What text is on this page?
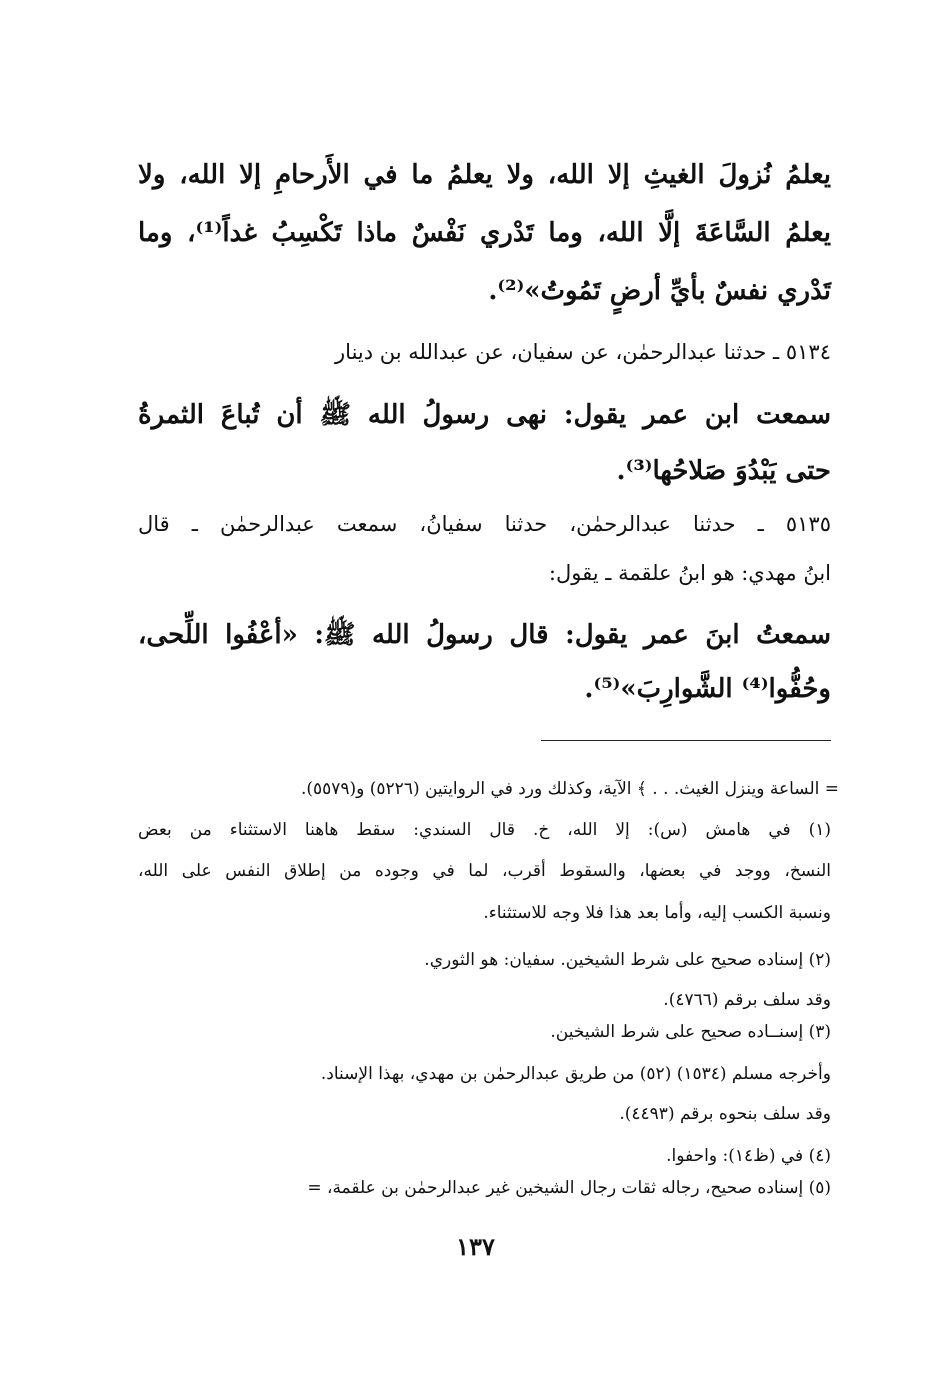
يعلمُ نُزولَ الغيثِ إلا الله، ولا يعلمُ ما في الأَرحامِ إلا الله، ولا
يعلمُ السَّاعَةَ إلَّا الله، وما تَدْري نَفْسٌ ماذا تَكْسِبُ غداً⁽¹⁾، وما
تَدْري نفسٌ بأيِّ أرضٍ تَمُوتُ»⁽²⁾.
٥١٣٤ ـ حدثنا عبدالرحمٰن، عن سفيان، عن عبدالله بن دينار
سمعت ابن عمر يقول: نهى رسولُ الله ﷺ أن تُباعَ الثمرةُ
حتى يَبْدُوَ صَلاحُها⁽³⁾.
٥١٣٥ ـ حدثنا عبدالرحمٰن، حدثنا سفيانُ، سمعت عبدالرحمٰن ـ قال
ابنُ مهدي: هو ابنُ علقمة ـ يقول:
سمعتُ ابنَ عمر يقول: قال رسولُ الله ﷺ: «أعْفُوا اللِّحى،
وحُفُّوا⁽⁴⁾ الشَّوارِبَ»⁽⁵⁾.
= الساعة وينزل الغيث. . . ﴾ الآية، وكذلك ورد في الروايتين (٥٢٢٦) و(٥٥٧٩).
(١) في هامش (س): إلا الله، خ. قال السندي: سقط هاهنا الاستثناء من بعض
النسخ، ووجد في بعضها، والسقوط أقرب، لما في وجوده من إطلاق النفس على الله،
ونسبة الكسب إليه، وأما بعد هذا فلا وجه للاستثناء.
(٢) إسناده صحيح على شرط الشيخين. سفيان: هو الثوري.
وقد سلف برقم (٤٧٦٦).
(٣) إسنــاده صحيح على شرط الشيخين.
وأخرجه مسلم (١٥٣٤) (٥٢) من طريق عبدالرحمٰن بن مهدي، بهذا الإسناد.
وقد سلف بنحوه برقم (٤٤٩٣).
(٤) في (ظ١٤): واحفوا.
(٥) إسناده صحيح، رجاله ثقات رجال الشيخين غير عبدالرحمٰن بن علقمة، =
١٣٧
